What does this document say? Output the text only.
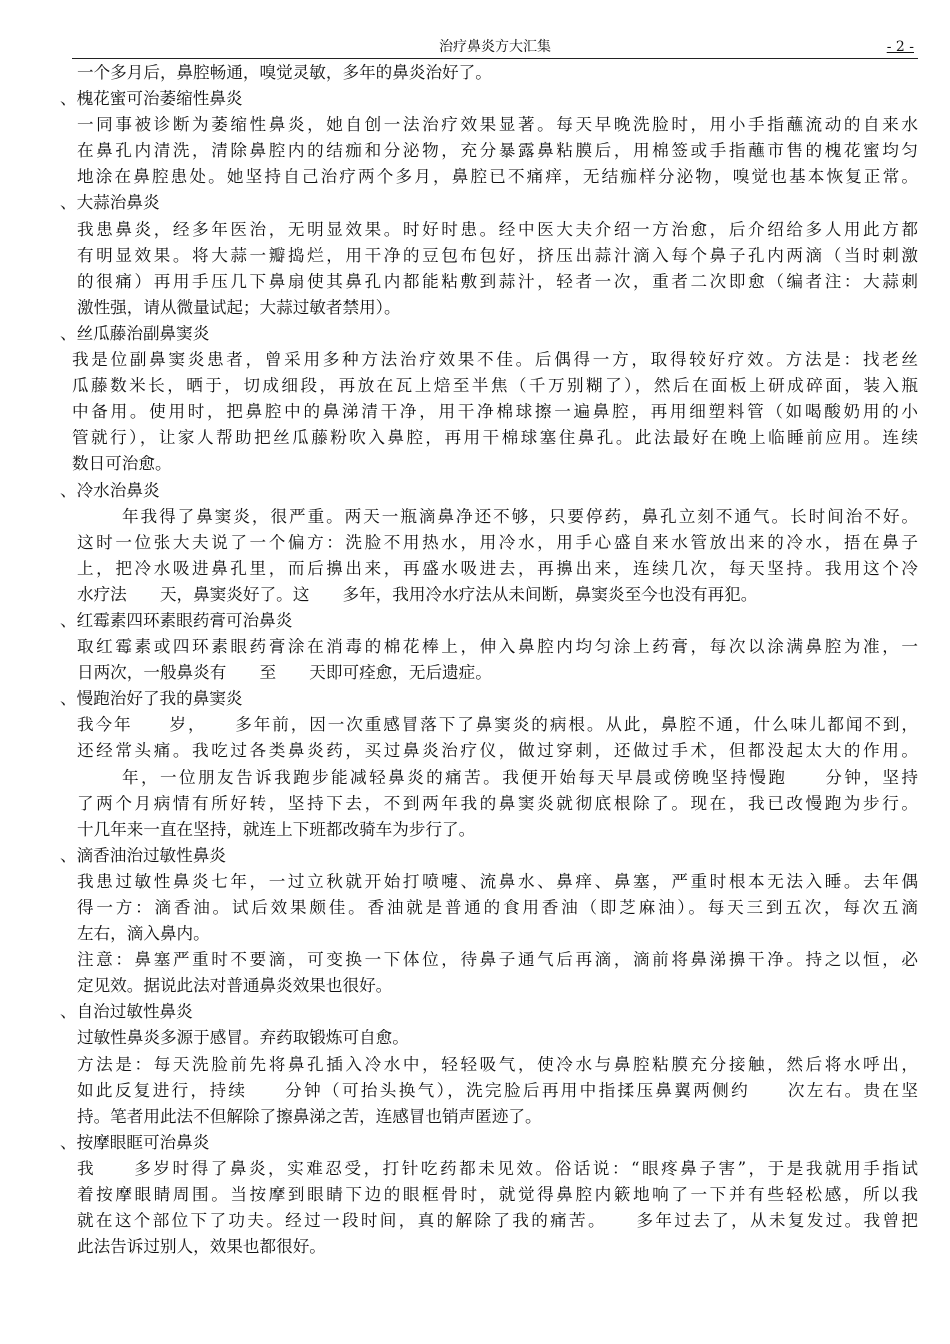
治疗鼻炎方大汇集	- 2 -
一个多月后，鼻腔畅通，嗅觉灵敏，多年的鼻炎治好了。
、槐花蜜可治萎缩性鼻炎
一同事被诊断为萎缩性鼻炎，她自创一法治疗效果显著。每天早晚洗脸时，用小手指蘸流动的自来水
在鼻孔内清洗，清除鼻腔内的结痂和分泌物，充分暴露鼻粘膜后，用棉签或手指蘸市售的槐花蜜均匀
地涂在鼻腔患处。她坚持自己治疗两个多月，鼻腔已不痛痒，无结痂样分泌物，嗅觉也基本恢复正常。
、大蒜治鼻炎
我患鼻炎，经多年医治，无明显效果。时好时患。经中医大夫介绍一方治愈，后介绍给多人用此方都
有明显效果。将大蒜一瓣捣烂，用干净的豆包布包好，挤压出蒜汁滴入每个鼻子孔内两滴（当时刺激
的很痛）再用手压几下鼻扇使其鼻孔内都能粘敷到蒜汁，轻者一次，重者二次即愈（编者注：大蒜刺
激性强，请从微量试起；大蒜过敏者禁用）。
、丝瓜藤治副鼻窦炎
我是位副鼻窦炎患者，曾采用多种方法治疗效果不佳。后偶得一方，取得较好疗效。方法是：找老丝
瓜藤数米长，晒于，切成细段，再放在瓦上焙至半焦（千万别糊了），然后在面板上研成碎面，装入瓶
中备用。使用时，把鼻腔中的鼻涕清干净，用干净棉球擦一遍鼻腔，再用细塑料管（如喝酸奶用的小
管就行），让家人帮助把丝瓜藤粉吹入鼻腔，再用干棉球塞住鼻孔。此法最好在晚上临睡前应用。连续
数日可治愈。
、冷水治鼻炎
年我得了鼻窦炎，很严重。两天一瓶滴鼻净还不够，只要停药，鼻孔立刻不通气。长时间治不好。
这时一位张大夫说了一个偏方：洗脸不用热水，用冷水，用手心盛自来水管放出来的冷水，捂在鼻子
上，把冷水吸进鼻孔里，而后擤出来，再盛水吸进去，再擤出来，连续几次，每天坚持。我用这个冷
水疗法　　天，鼻窦炎好了。这　　多年，我用冷水疗法从未间断，鼻窦炎至今也没有再犯。
、红霉素四环素眼药膏可治鼻炎
取红霉素或四环素眼药膏涂在消毒的棉花棒上，伸入鼻腔内均匀涂上药膏，每次以涂满鼻腔为准，一
日两次，一般鼻炎有　　至　　天即可痊愈，无后遗症。
、慢跑治好了我的鼻窦炎
我今年　　岁，　　多年前，因一次重感冒落下了鼻窦炎的病根。从此，鼻腔不通，什么味儿都闻不到，
还经常头痛。我吃过各类鼻炎药，买过鼻炎治疗仪，做过穿刺，还做过手术，但都没起太大的作用。
年，一位朋友告诉我跑步能减轻鼻炎的痛苦。我便开始每天早晨或傍晚坚持慢跑　　分钟，坚持
了两个月病情有所好转，坚持下去，不到两年我的鼻窦炎就彻底根除了。现在，我已改慢跑为步行。
十几年来一直在坚持，就连上下班都改骑车为步行了。
、滴香油治过敏性鼻炎
我患过敏性鼻炎七年，一过立秋就开始打喷嚏、流鼻水、鼻痒、鼻塞，严重时根本无法入睡。去年偶
得一方：滴香油。试后效果颇佳。香油就是普通的食用香油（即芝麻油）。每天三到五次，每次五滴
左右，滴入鼻内。
注意：鼻塞严重时不要滴，可变换一下体位，待鼻子通气后再滴，滴前将鼻涕擤干净。持之以恒，必
定见效。据说此法对普通鼻炎效果也很好。
、自治过敏性鼻炎
过敏性鼻炎多源于感冒。弃药取锻炼可自愈。
方法是：每天洗脸前先将鼻孔插入冷水中，轻轻吸气，使冷水与鼻腔粘膜充分接触，然后将水呼出，
如此反复进行，持续　　分钟（可抬头换气），洗完脸后再用中指揉压鼻翼两侧约　　次左右。贵在坚
持。笔者用此法不但解除了擦鼻涕之苦，连感冒也销声匿迹了。
、按摩眼眶可治鼻炎
我　　多岁时得了鼻炎，实难忍受，打针吃药都未见效。俗话说：“眼疼鼻子害”，于是我就用手指试
着按摩眼睛周围。当按摩到眼睛下边的眼框骨时，就觉得鼻腔内簌地响了一下并有些轻松感，所以我
就在这个部位下了功夫。经过一段时间，真的解除了我的痛苦。　　多年过去了，从未复发过。我曾把
此法告诉过别人，效果也都很好。
